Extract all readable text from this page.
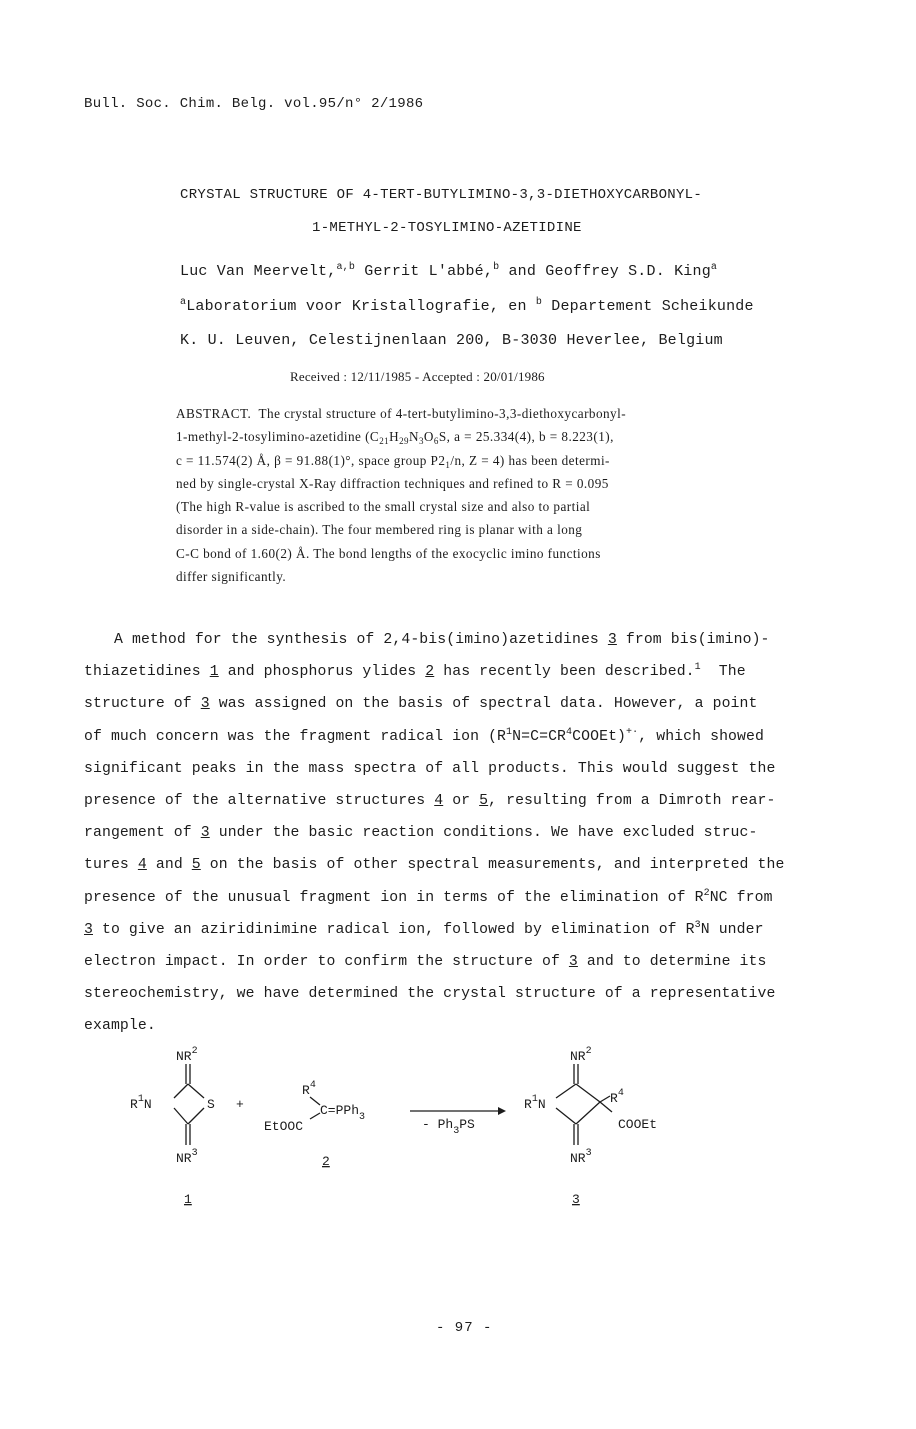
Bull. Soc. Chim. Belg. vol.95/n° 2/1986
CRYSTAL STRUCTURE OF 4-TERT-BUTYLIMINO-3,3-DIETHOXYCARBONYL-
1-METHYL-2-TOSYLIMINO-AZETIDINE
Luc Van Meervelt,$^{a,b}$ Gerrit L'abbé,$^b$ and Geoffrey S.D. King$^a$
$^a$Laboratorium voor Kristallografie, en $^b$ Departement Scheikunde
K. U. Leuven, Celestijnenlaan 200, B-3030 Heverlee, Belgium
Received : 12/11/1985 - Accepted : 20/01/1986
ABSTRACT. The crystal structure of 4-tert-butylimino-3,3-diethoxycarbonyl-
1-methyl-2-tosylimino-azetidine ($C_{21}H_{29}N_3O_6S$, a = 25.334(4), b = 8.223(1),
c = 11.574(2) Å, β = 91.88(1)°, space group $P2_1/n$, Z = 4) has been determi-
ned by single-crystal X-Ray diffraction techniques and refined to R = 0.095
(The high R-value is ascribed to the small crystal size and also to partial
disorder in a side-chain). The four membered ring is planar with a long
C-C bond of 1.60(2) Å. The bond lengths of the exocyclic imino functions
differ significantly.
A method for the synthesis of 2,4-bis(imino)azetidines 3 from bis(imino)-
thiazetidines 1 and phosphorus ylides 2 has recently been described.$^1$ The
structure of 3 was assigned on the basis of spectral data. However, a point
of much concern was the fragment radical ion $(R^1N=C=CR^4COOEt)^{+\cdot}$, which showed
significant peaks in the mass spectra of all products. This would suggest the
presence of the alternative structures 4 or 5, resulting from a Dimroth rear-
rangement of 3 under the basic reaction conditions. We have excluded struc-
tures 4 and 5 on the basis of other spectral measurements, and interpreted the
presence of the unusual fragment ion in terms of the elimination of $R^2NC$ from
3 to give an aziridinimine radical ion, followed by elimination of $R^3N$ under
electron impact. In order to confirm the structure of 3 and to determine its
stereochemistry, we have determined the crystal structure of a representative
example.
$NR^2$
$R^1N$	S
$NR^3$
1
+
$R^4$
C=PPh$_3$
EtOOC
2
- $Ph_3PS$
$NR^2$
$R^1N$	$R^4$
COOEt
$NR^3$
3
- 97 -
